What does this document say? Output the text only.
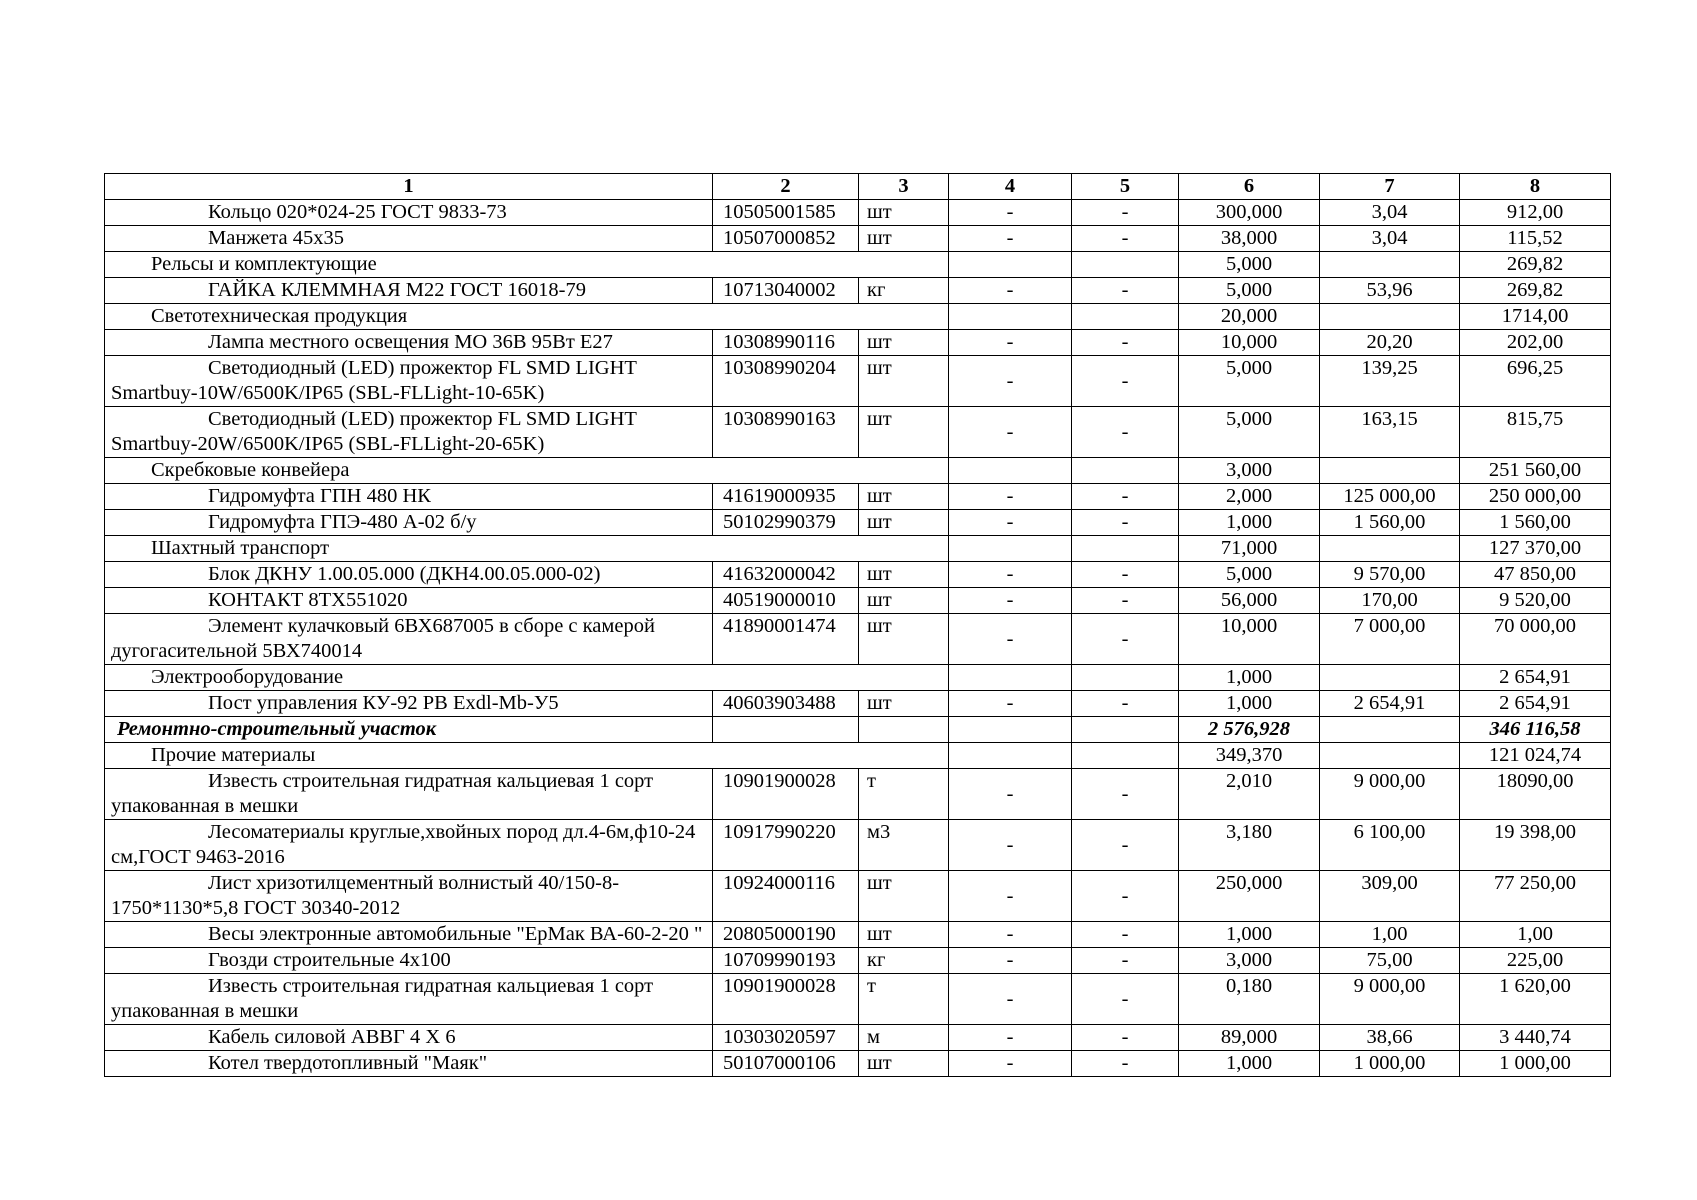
1	2	3	4	5	6	7	8
Кольцо 020*024-25 ГОСТ 9833-73	10505001585	шт	-	-	300,000	3,04	912,00
Манжета 45х35	10507000852	шт	-	-	38,000	3,04	115,52
Рельсы и комплектующие					5,000		269,82
ГАЙКА КЛЕММНАЯ М22 ГОСТ 16018-79	10713040002	кг	-	-	5,000	53,96	269,82
Светотехническая продукция					20,000		1714,00
Лампа местного освещения МО 36В 95Вт Е27	10308990116	шт	-	-	10,000	20,20	202,00
Светодиодный (LED) прожектор FL SMD LIGHT Smartbuy-10W/6500K/IP65 (SBL-FLLight-10-65K)	10308990204	шт	-	-	5,000	139,25	696,25
Светодиодный (LED) прожектор FL SMD LIGHT Smartbuy-20W/6500K/IP65 (SBL-FLLight-20-65K)	10308990163	шт	-	-	5,000	163,15	815,75
Скребковые конвейера					3,000		251 560,00
Гидромуфта ГПН 480 НК	41619000935	шт	-	-	2,000	125 000,00	250 000,00
Гидромуфта ГПЭ-480 А-02 б/у	50102990379	шт	-	-	1,000	1 560,00	1 560,00
Шахтный транспорт					71,000		127 370,00
Блок ДКНУ 1.00.05.000 (ДКН4.00.05.000-02)	41632000042	шт	-	-	5,000	9 570,00	47 850,00
КОНТАКТ 8ТХ551020	40519000010	шт	-	-	56,000	170,00	9 520,00
Элемент кулачковый 6ВХ687005 в сборе с камерой дугогасительной 5ВХ740014	41890001474	шт	-	-	10,000	7 000,00	70 000,00
Электрооборудование					1,000		2 654,91
Пост управления КУ-92 РВ Exdl-Mb-У5	40603903488	шт	-	-	1,000	2 654,91	2 654,91
Ремонтно-строительный участок					2 576,928		346 116,58
Прочие материалы					349,370		121 024,74
Известь строительная гидратная кальциевая 1 сорт упакованная в мешки	10901900028	т	-	-	2,010	9 000,00	18090,00
Лесоматериалы круглые,хвойных пород дл.4-6м,ф10-24 см,ГОСТ 9463-2016	10917990220	м3	-	-	3,180	6 100,00	19 398,00
Лист хризотилцементный волнистый 40/150-8-1750*1130*5,8 ГОСТ 30340-2012	10924000116	шт	-	-	250,000	309,00	77 250,00
Весы электронные автомобильные "ЕрМак ВА-60-2-20 "	20805000190	шт	-	-	1,000	1,00	1,00
Гвозди строительные 4х100	10709990193	кг	-	-	3,000	75,00	225,00
Известь строительная гидратная кальциевая 1 сорт упакованная в мешки	10901900028	т	-	-	0,180	9 000,00	1 620,00
Кабель силовой АВВГ 4 Х 6	10303020597	м	-	-	89,000	38,66	3 440,74
Котел твердотопливный "Маяк"	50107000106	шт	-	-	1,000	1 000,00	1 000,00
